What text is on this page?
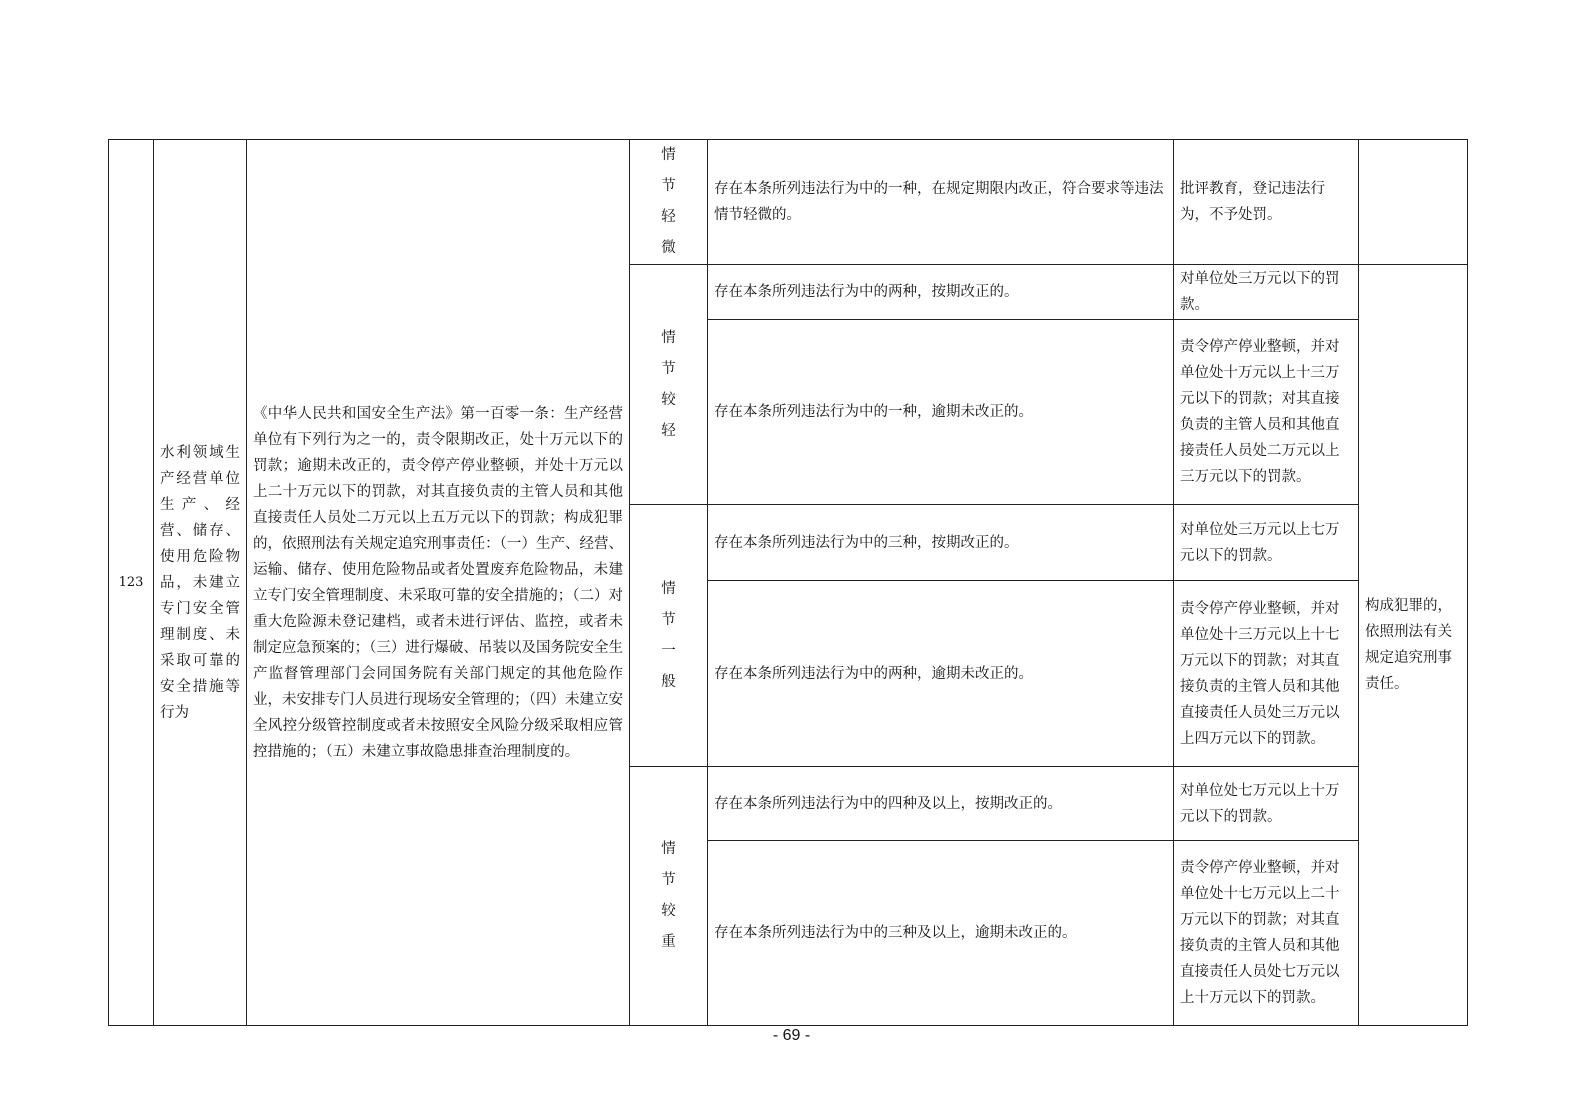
123	水利领域生产经营单位生产、经营、储存、使用危险物品，未建立专门安全管理制度、未采取可靠的安全措施等行为	《中华人民共和国安全生产法》第一百零一条：生产经营单位有下列行为之一的，责令限期改正，处十万元以下的罚款；逾期未改正的，责令停产停业整顿，并处十万元以上二十万元以下的罚款，对其直接负责的主管人员和其他直接责任人员处二万元以上五万元以下的罚款；构成犯罪的，依照刑法有关规定追究刑事责任：（一）生产、经营、运输、储存、使用危险物品或者处置废弃危险物品，未建立专门安全管理制度、未采取可靠的安全措施的；（二）对重大危险源未登记建档，或者未进行评估、监控，或者未制定应急预案的；（三）进行爆破、吊装以及国务院安全生产监督管理部门会同国务院有关部门规定的其他危险作业，未安排专门人员进行现场安全管理的；（四）未建立安全风控分级管控制度或者未按照安全风险分级采取相应管控措施的；（五）未建立事故隐患排查治理制度的。	情节轻微	存在本条所列违法行为中的一种，在规定期限内改正，符合要求等违法情节轻微的。	批评教育，登记违法行为，不予处罚。	

			情节较轻	存在本条所列违法行为中的两种，按期改正的。	对单位处三万元以下的罚款。	构成犯罪的，依照刑法有关规定追究刑事责任。
				存在本条所列违法行为中的一种，逾期未改正的。	责令停产停业整顿，并对单位处十万元以上十三万元以下的罚款；对其直接负责的主管人员和其他直接责任人员处二万元以上三万元以下的罚款。	

			情节一般	存在本条所列违法行为中的三种，按期改正的。	对单位处三万元以上七万元以下的罚款。	
				存在本条所列违法行为中的两种，逾期未改正的。	责令停产停业整顿，并对单位处十三万元以上十七万元以下的罚款；对其直接负责的主管人员和其他直接责任人员处三万元以上四万元以下的罚款。	

			情节较重	存在本条所列违法行为中的四种及以上，按期改正的。	对单位处七万元以上十万元以下的罚款。	
				存在本条所列违法行为中的三种及以上，逾期未改正的。	责令停产停业整顿，并对单位处十七万元以上二十万元以下的罚款；对其直接负责的主管人员和其他直接责任人员处七万元以上十万元以下的罚款。	
- 69 -
